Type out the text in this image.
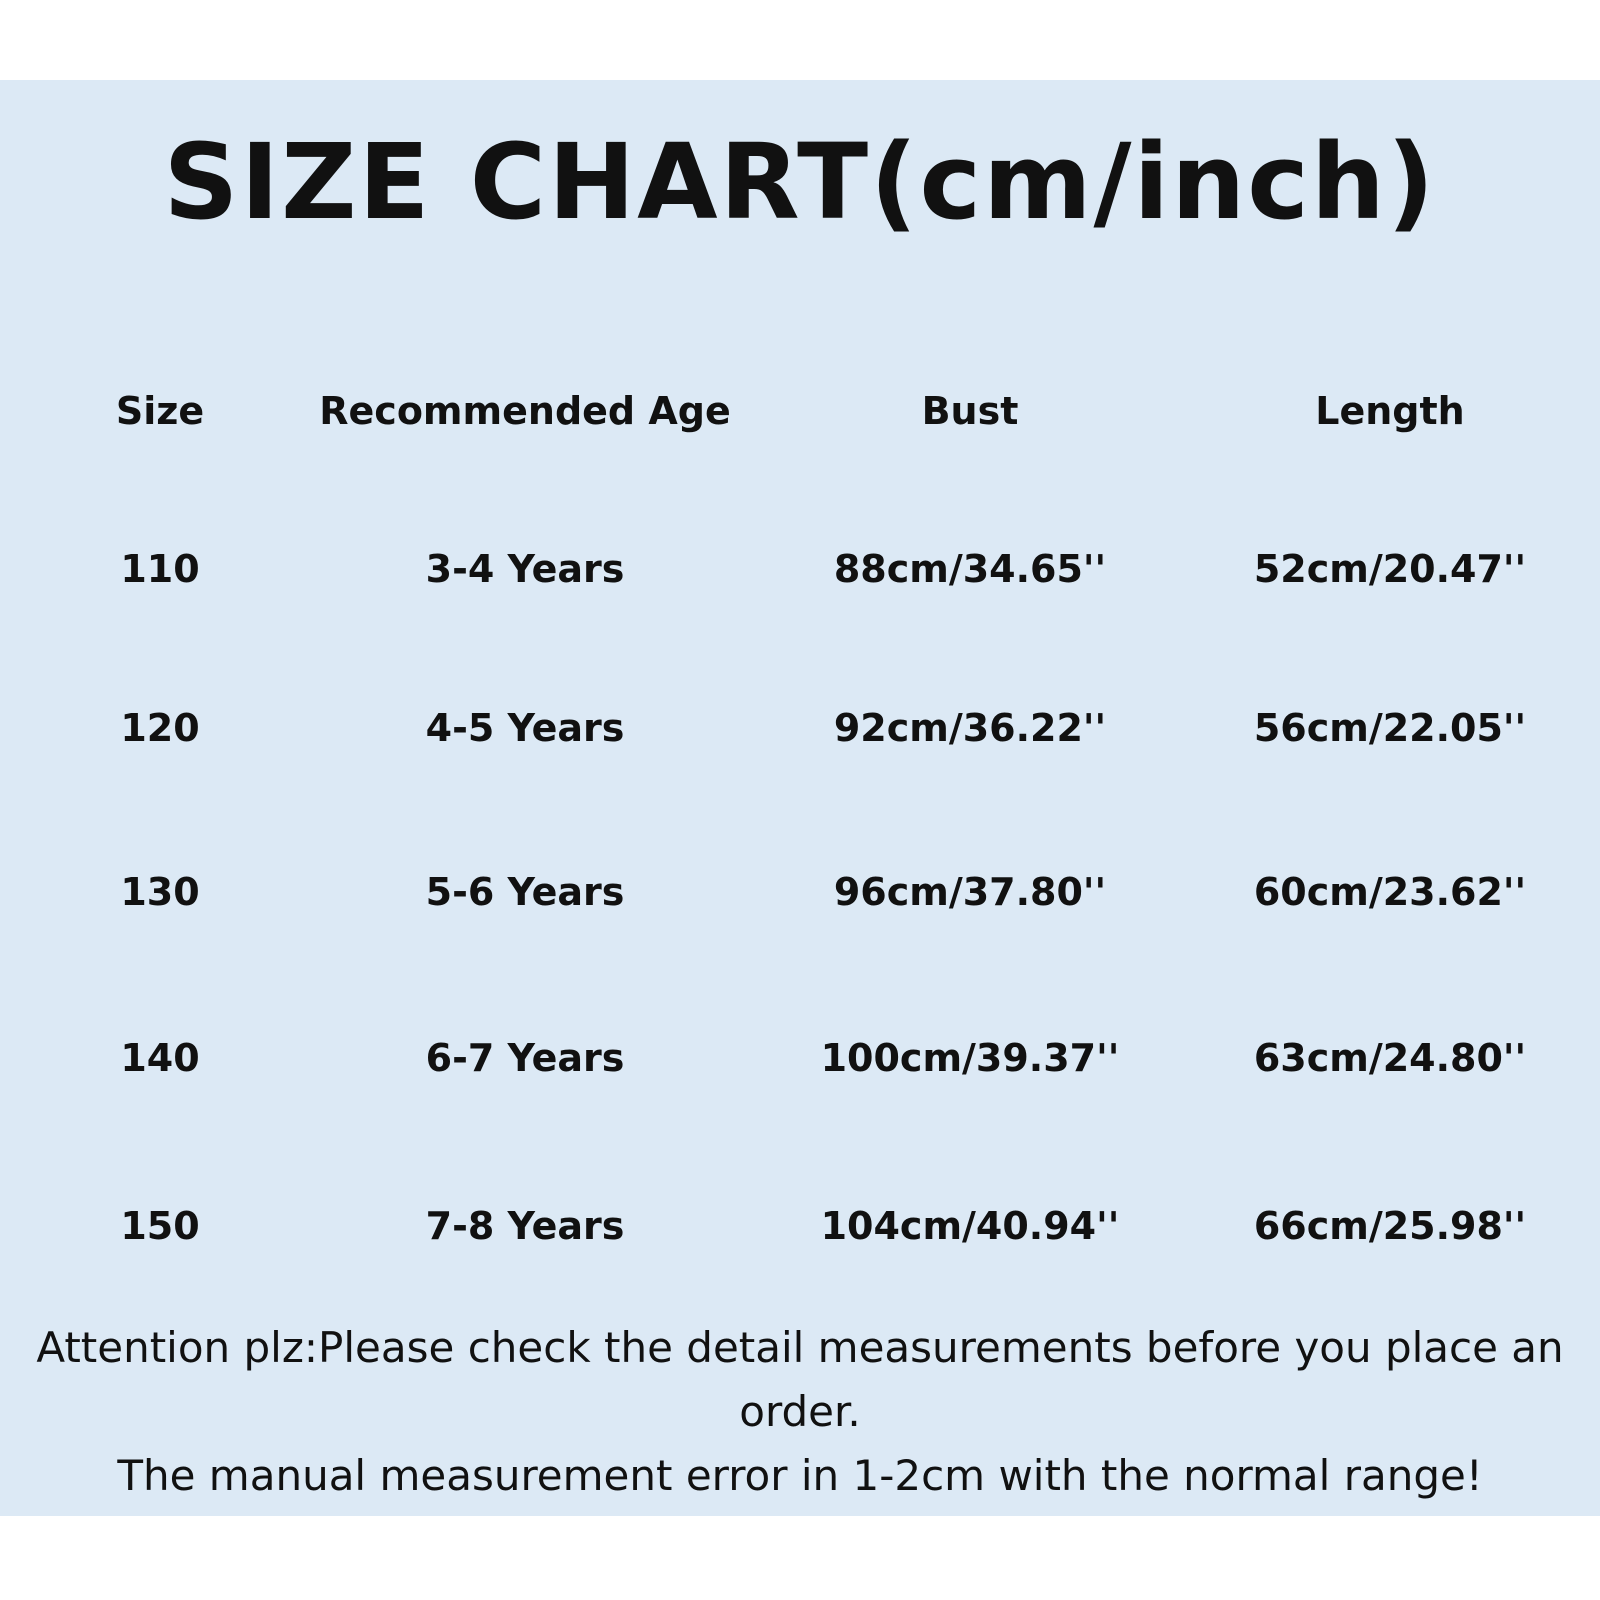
SIZE CHART(cm/inch)
Size	Recommended Age	Bust	Length
110	3-4 Years	88cm/34.65''	52cm/20.47''
120	4-5 Years	92cm/36.22''	56cm/22.05''
130	5-6 Years	96cm/37.80''	60cm/23.62''
140	6-7 Years	100cm/39.37''	63cm/24.80''
150	7-8 Years	104cm/40.94''	66cm/25.98''

Attention plz:Please check the detail measurements before you place an order.

The manual measurement error in 1-2cm with the normal range!
